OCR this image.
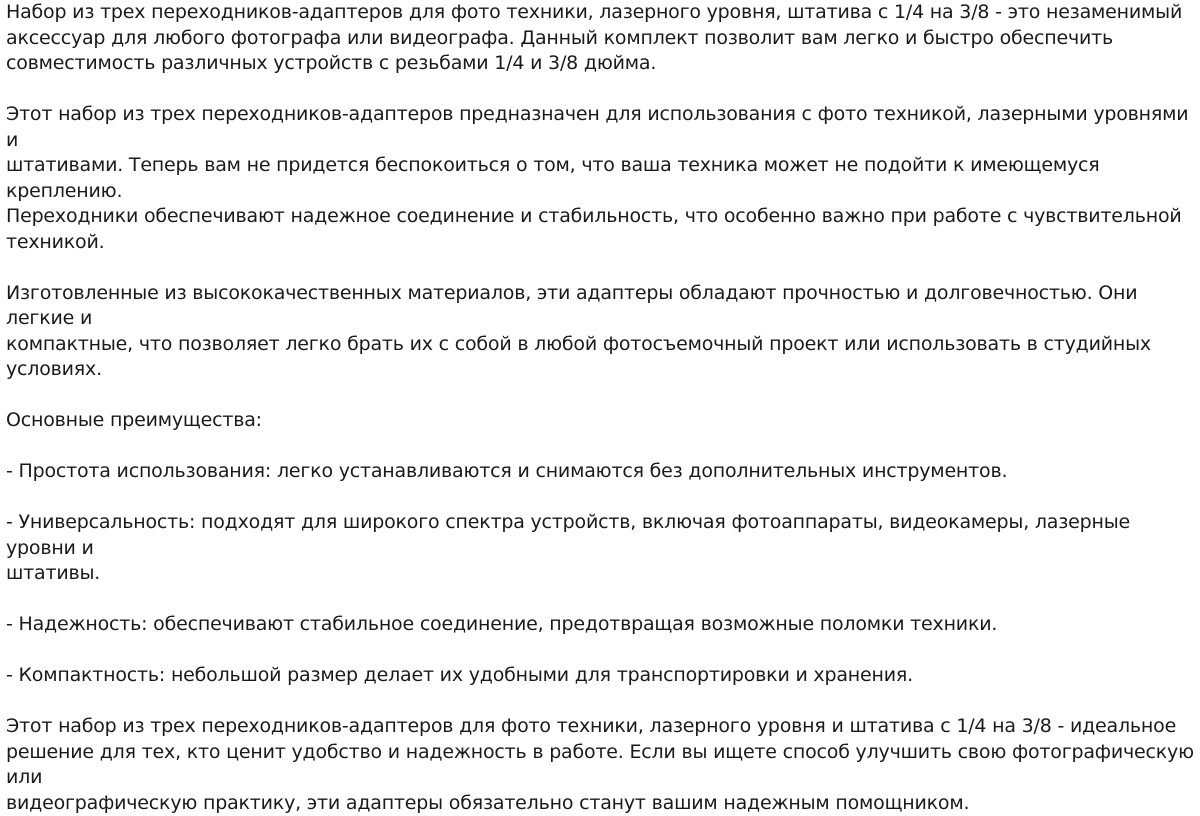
Набор из трех переходников-адаптеров для фото техники, лазерного уровня, штатива с 1/4 на 3/8 - это незаменимый
аксессуар для любого фотографа или видеографа. Данный комплект позволит вам легко и быстро обеспечить
совместимость различных устройств с резьбами 1/4 и 3/8 дюйма.

Этот набор из трех переходников-адаптеров предназначен для использования с фото техникой, лазерными уровнями и
штативами. Теперь вам не придется беспокоиться о том, что ваша техника может не подойти к имеющемуся креплению.
Переходники обеспечивают надежное соединение и стабильность, что особенно важно при работе с чувствительной
техникой.

Изготовленные из высококачественных материалов, эти адаптеры обладают прочностью и долговечностью. Они легкие и
компактные, что позволяет легко брать их с собой в любой фотосъемочный проект или использовать в студийных условиях.

Основные преимущества:

- Простота использования: легко устанавливаются и снимаются без дополнительных инструментов.

- Универсальность: подходят для широкого спектра устройств, включая фотоаппараты, видеокамеры, лазерные уровни и
штативы.

- Надежность: обеспечивают стабильное соединение, предотвращая возможные поломки техники.

- Компактность: небольшой размер делает их удобными для транспортировки и хранения.

Этот набор из трех переходников-адаптеров для фото техники, лазерного уровня и штатива с 1/4 на 3/8 - идеальное
решение для тех, кто ценит удобство и надежность в работе. Если вы ищете способ улучшить свою фотографическую или
видеографическую практику, эти адаптеры обязательно станут вашим надежным помощником.
